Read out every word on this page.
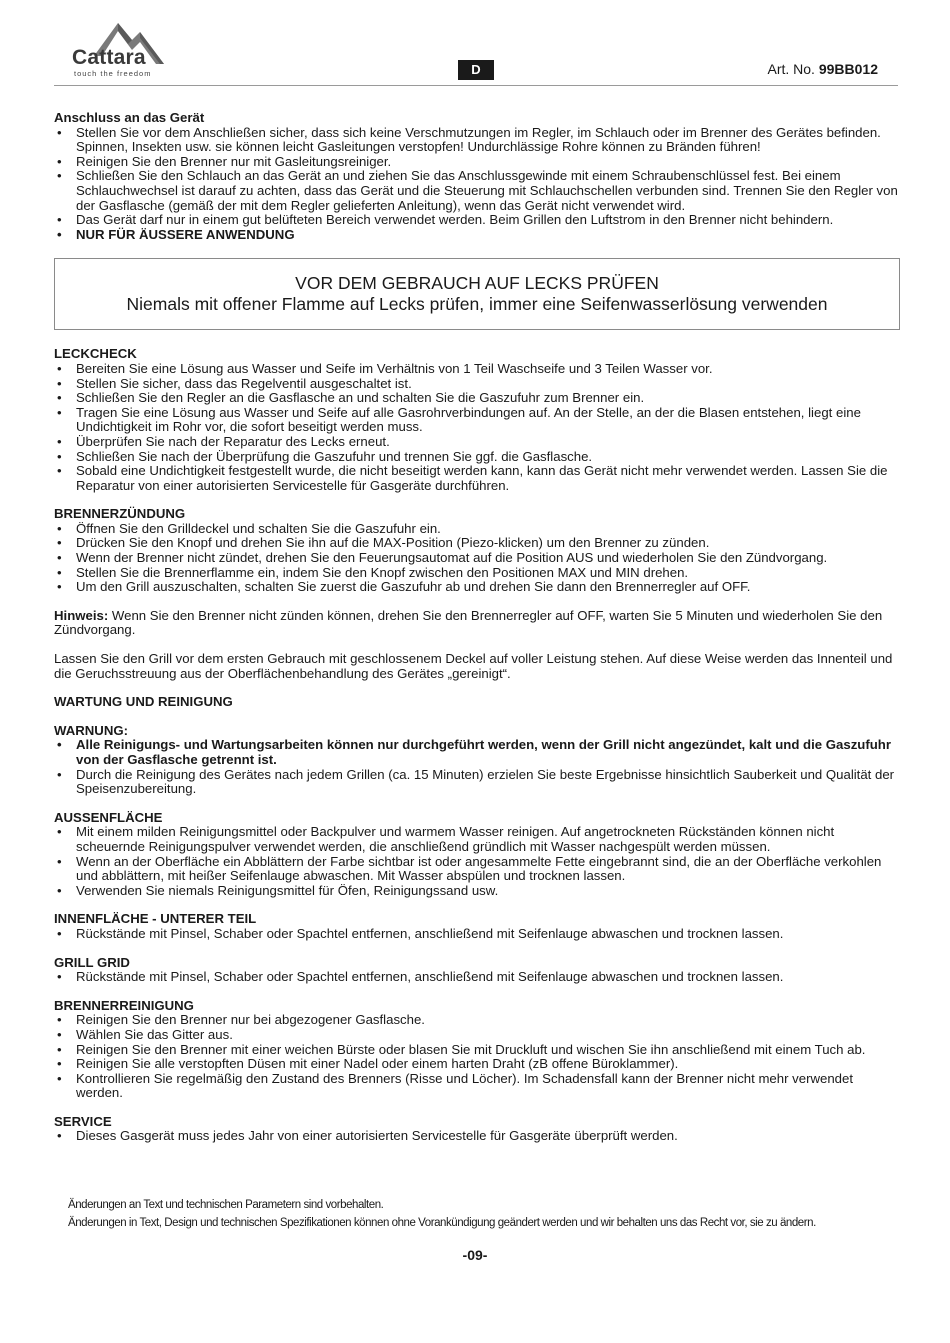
Cattara
touch the freedom	D	Art. No. 99BB012
Anschluss an das Gerät
• Stellen Sie vor dem Anschließen sicher, dass sich keine Verschmutzungen im Regler, im Schlauch oder im Brenner des Gerätes befinden. Spinnen, Insekten usw. sie können leicht Gasleitungen verstopfen! Undurchlässige Rohre können zu Bränden führen!
• Reinigen Sie den Brenner nur mit Gasleitungsreiniger.
• Schließen Sie den Schlauch an das Gerät an und ziehen Sie das Anschlussgewinde mit einem Schraubenschlüssel fest. Bei einem Schlauchwechsel ist darauf zu achten, dass das Gerät und die Steuerung mit Schlauchschellen verbunden sind. Trennen Sie den Regler von der Gasflasche (gemäß der mit dem Regler gelieferten Anleitung), wenn das Gerät nicht verwendet wird.
• Das Gerät darf nur in einem gut belüfteten Bereich verwendet werden. Beim Grillen den Luftstrom in den Brenner nicht behindern.
• NUR FÜR ÄUSSERE ANWENDUNG
VOR DEM GEBRAUCH AUF LECKS PRÜFEN
Niemals mit offener Flamme auf Lecks prüfen, immer eine Seifenwasserlösung verwenden
LECKCHECK
• Bereiten Sie eine Lösung aus Wasser und Seife im Verhältnis von 1 Teil Waschseife und 3 Teilen Wasser vor.
• Stellen Sie sicher, dass das Regelventil ausgeschaltet ist.
• Schließen Sie den Regler an die Gasflasche an und schalten Sie die Gaszufuhr zum Brenner ein.
• Tragen Sie eine Lösung aus Wasser und Seife auf alle Gasrohrverbindungen auf. An der Stelle, an der die Blasen entstehen, liegt eine Undichtigkeit im Rohr vor, die sofort beseitigt werden muss.
• Überprüfen Sie nach der Reparatur des Lecks erneut.
• Schließen Sie nach der Überprüfung die Gaszufuhr und trennen Sie ggf. die Gasflasche.
• Sobald eine Undichtigkeit festgestellt wurde, die nicht beseitigt werden kann, kann das Gerät nicht mehr verwendet werden. Lassen Sie die Reparatur von einer autorisierten Servicestelle für Gasgeräte durchführen.
BRENNERZÜNDUNG
• Öffnen Sie den Grilldeckel und schalten Sie die Gaszufuhr ein.
• Drücken Sie den Knopf und drehen Sie ihn auf die MAX-Position (Piezo-klicken) um den Brenner zu zünden.
• Wenn der Brenner nicht zündet, drehen Sie den Feuerungsautomat auf die Position AUS und wiederholen Sie den Zündvorgang.
• Stellen Sie die Brennerflamme ein, indem Sie den Knopf zwischen den Positionen MAX und MIN drehen.
• Um den Grill auszuschalten, schalten Sie zuerst die Gaszufuhr ab und drehen Sie dann den Brennerregler auf OFF.

Hinweis: Wenn Sie den Brenner nicht zünden können, drehen Sie den Brennerregler auf OFF, warten Sie 5 Minuten und wiederholen Sie den Zündvorgang.

Lassen Sie den Grill vor dem ersten Gebrauch mit geschlossenem Deckel auf voller Leistung stehen. Auf diese Weise werden das Innenteil und die Geruchsstreuung aus der Oberflächenbehandlung des Gerätes „gereinigt“.

WARTUNG UND REINIGUNG
WARNUNG:
• Alle Reinigungs- und Wartungsarbeiten können nur durchgeführt werden, wenn der Grill nicht angezündet, kalt und die Gaszufuhr von der Gasflasche getrennt ist.
• Durch die Reinigung des Gerätes nach jedem Grillen (ca. 15 Minuten) erzielen Sie beste Ergebnisse hinsichtlich Sauberkeit und Qualität der Speisenzubereitung.
AUSSENFLÄCHE
• Mit einem milden Reinigungsmittel oder Backpulver und warmem Wasser reinigen. Auf angetrockneten Rückständen können nicht scheuernde Reinigungspulver verwendet werden, die anschließend gründlich mit Wasser nachgespült werden müssen.
• Wenn an der Oberfläche ein Abblättern der Farbe sichtbar ist oder angesammelte Fette eingebrannt sind, die an der Oberfläche verkohlen und abblättern, mit heißer Seifenlauge abwaschen. Mit Wasser abspülen und trocknen lassen.
• Verwenden Sie niemals Reinigungsmittel für Öfen, Reinigungssand usw.
INNENFLÄCHE - UNTERER TEIL
• Rückstände mit Pinsel, Schaber oder Spachtel entfernen, anschließend mit Seifenlauge abwaschen und trocknen lassen.
GRILL GRID
• Rückstände mit Pinsel, Schaber oder Spachtel entfernen, anschließend mit Seifenlauge abwaschen und trocknen lassen.
BRENNERREINIGUNG
• Reinigen Sie den Brenner nur bei abgezogener Gasflasche.
• Wählen Sie das Gitter aus.
• Reinigen Sie den Brenner mit einer weichen Bürste oder blasen Sie mit Druckluft und wischen Sie ihn anschließend mit einem Tuch ab.
• Reinigen Sie alle verstopften Düsen mit einer Nadel oder einem harten Draht (zB offene Büroklammer).
• Kontrollieren Sie regelmäßig den Zustand des Brenners (Risse und Löcher). Im Schadensfall kann der Brenner nicht mehr verwendet werden.
SERVICE
• Dieses Gasgerät muss jedes Jahr von einer autorisierten Servicestelle für Gasgeräte überprüft werden.
Änderungen an Text und technischen Parametern sind vorbehalten.
Änderungen in Text, Design und technischen Spezifikationen können ohne Vorankündigung geändert werden und wir behalten uns das Recht vor, sie zu ändern.
-09-
